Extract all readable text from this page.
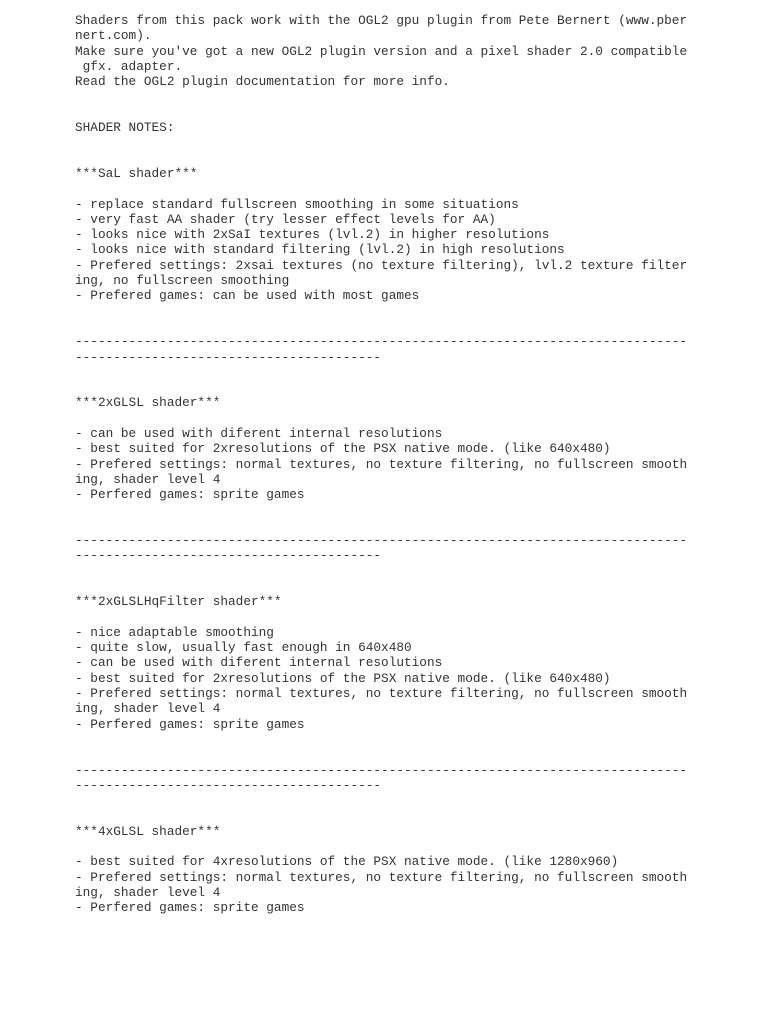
Shaders from this pack work with the OGL2 gpu plugin from Pete Bernert (www.pber
nert.com).
Make sure you've got a new OGL2 plugin version and a pixel shader 2.0 compatible
gfx. adapter.
Read the OGL2 plugin documentation for more info.
SHADER NOTES:
***SaL shader***
- replace standard fullscreen smoothing in some situations
- very fast AA shader (try lesser effect levels for AA)
- looks nice with 2xSaI textures (lvl.2) in higher resolutions
- looks nice with standard filtering (lvl.2) in high resolutions
- Prefered settings: 2xsai textures (no texture filtering), lvl.2 texture filter
ing, no fullscreen smoothing
- Prefered games: can be used with most games
--------------------------------------------------------------------------------
----------------------------------------
***2xGLSL shader***
- can be used with diferent internal resolutions
- best suited for 2xresolutions of the PSX native mode. (like 640x480)
- Prefered settings: normal textures, no texture filtering, no fullscreen smooth
ing, shader level 4
- Perfered games: sprite games
--------------------------------------------------------------------------------
----------------------------------------
***2xGLSLHqFilter shader***
- nice adaptable smoothing
- quite slow, usually fast enough in 640x480
- can be used with diferent internal resolutions
- best suited for 2xresolutions of the PSX native mode. (like 640x480)
- Prefered settings: normal textures, no texture filtering, no fullscreen smooth
ing, shader level 4
- Perfered games: sprite games
--------------------------------------------------------------------------------
----------------------------------------
***4xGLSL shader***
- best suited for 4xresolutions of the PSX native mode. (like 1280x960)
- Prefered settings: normal textures, no texture filtering, no fullscreen smooth
ing, shader level 4
- Perfered games: sprite games
